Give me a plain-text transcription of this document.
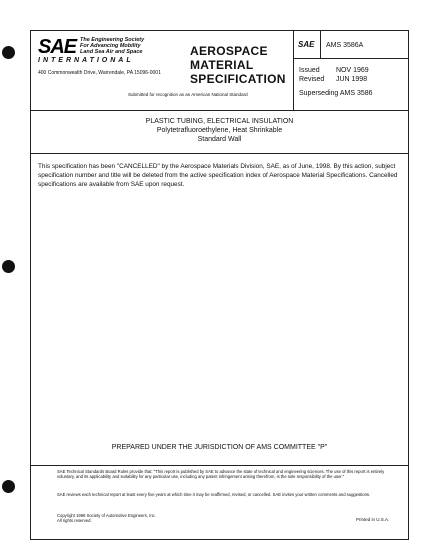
SAE The Engineering Society
For Advancing Mobility
Land Sea Air and Space
INTERNATIONAL
400 Commonwealth Drive, Warrendale, PA 15096-0001
AEROSPACE
MATERIAL
SPECIFICATION
Submitted for recognition as an American National Standard
SAE AMS 3586A
Issued NOV 1969
Revised JUN 1998
Superseding AMS 3586
PLASTIC TUBING, ELECTRICAL INSULATION
Polytetrafluoroethylene, Heat Shrinkable
Standard Wall
This specification has been "CANCELLED" by the Aerospace Materials Division, SAE, as of June, 1998. By this action, subject specification number and title will be deleted from the active specification index of Aerospace Material Specifications. Cancelled specifications are available from SAE upon request.
PREPARED UNDER THE JURISDICTION OF AMS COMMITTEE "P"
SAE Technical Standards Board Rules provide that: "This report is published by SAE to advance the state of technical and engineering sciences. The use of this report is entirely voluntary, and its applicability and suitability for any particular use, including any patent infringement arising therefrom, is the sole responsibility of the user."
SAE reviews each technical report at least every five years at which time it may be reaffirmed, revised, or cancelled. SAE invites your written comments and suggestions.
Copyright 1998 Society of Automotive Engineers, Inc.
All rights reserved.	Printed in U.S.A.
